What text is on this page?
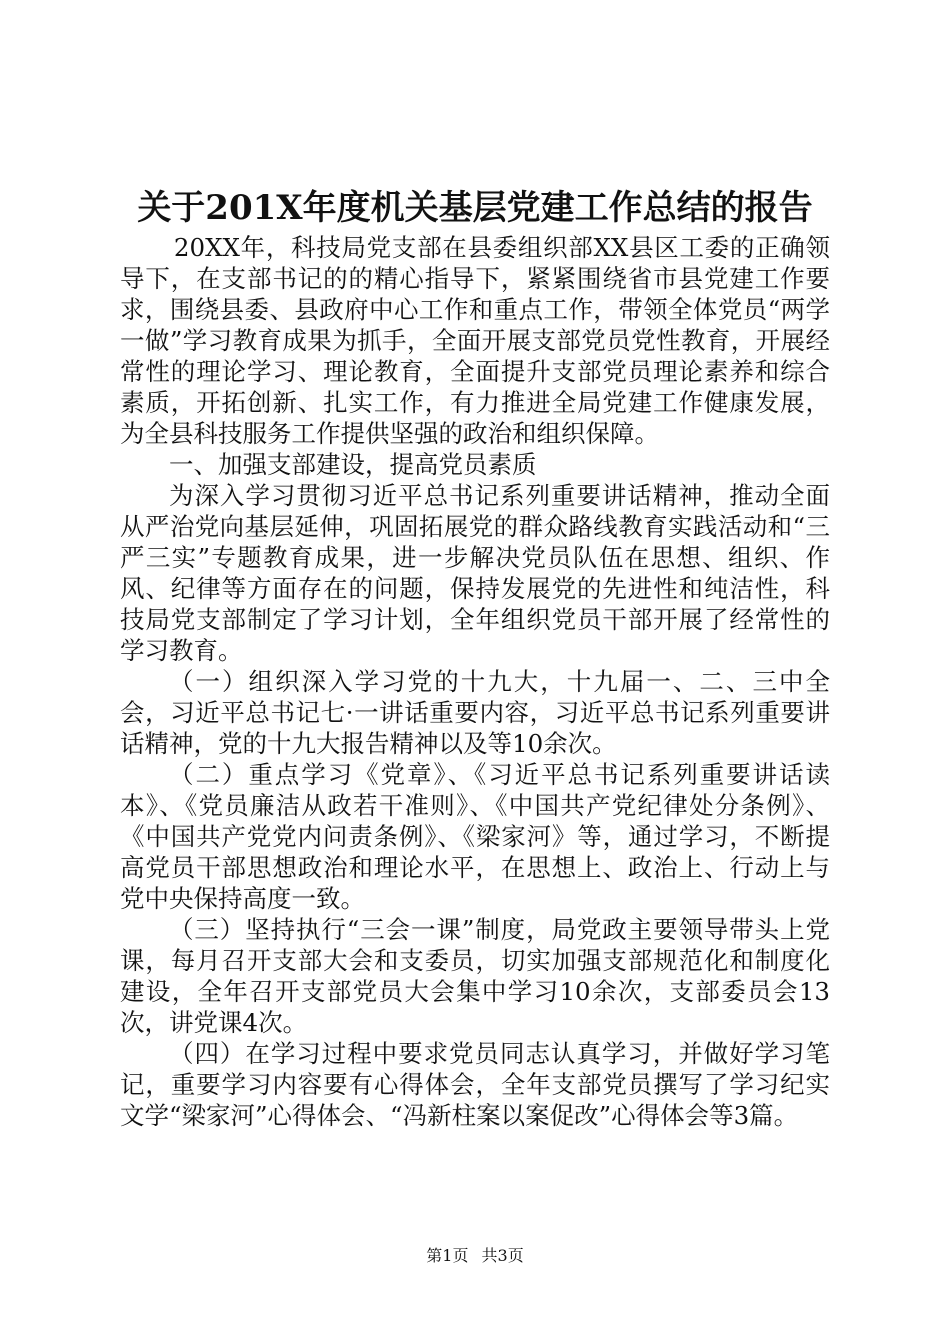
关于201X年度机关基层党建工作总结的报告

20XX年，科技局党支部在县委组织部XX县区工委的正确领导下，在支部书记的的精心指导下，紧紧围绕省市县党建工作要求，围绕县委、县政府中心工作和重点工作，带领全体党员“两学一做”学习教育成果为抓手，全面开展支部党员党性教育，开展经常性的理论学习、理论教育，全面提升支部党员理论素养和综合素质，开拓创新、扎实工作，有力推进全局党建工作健康发展，为全县科技服务工作提供坚强的政治和组织保障。

一、加强支部建设，提高党员素质

为深入学习贯彻习近平总书记系列重要讲话精神，推动全面从严治党向基层延伸，巩固拓展党的群众路线教育实践活动和“三严三实”专题教育成果，进一步解决党员队伍在思想、组织、作风、纪律等方面存在的问题，保持发展党的先进性和纯洁性，科技局党支部制定了学习计划，全年组织党员干部开展了经常性的学习教育。

（一）组织深入学习党的十九大，十九届一、二、三中全会，习近平总书记七·一讲话重要内容，习近平总书记系列重要讲话精神，党的十九大报告精神以及等10余次。

（二）重点学习《党章》、《习近平总书记系列重要讲话读本》、《党员廉洁从政若干准则》、《中国共产党纪律处分条例》、《中国共产党党内问责条例》、《梁家河》等，通过学习，不断提高党员干部思想政治和理论水平，在思想上、政治上、行动上与党中央保持高度一致。

（三）坚持执行“三会一课”制度，局党政主要领导带头上党课，每月召开支部大会和支委员，切实加强支部规范化和制度化建设，全年召开支部党员大会集中学习10余次，支部委员会13次，讲党课4次。

（四）在学习过程中要求党员同志认真学习，并做好学习笔记，重要学习内容要有心得体会，全年支部党员撰写了学习纪实文学“梁家河”心得体会、“冯新柱案以案促改”心得体会等3篇。

第1页 共3页
